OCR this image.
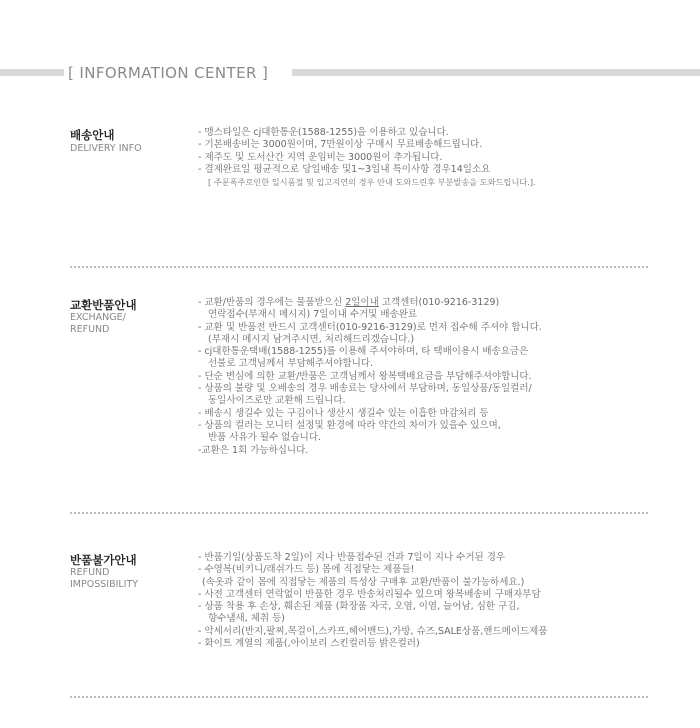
[ INFORMATION CENTER ]
배송안내
DELIVERY INFO
- 맹스타일은 cj대한통운(1588-1255)을 이용하고 있습니다.
- 기본배송비는 3000원이며, 7만원이상 구매시 무료배송해드립니다.
- 제주도 및 도서산간 지역 운임비는 3000원이 추가됩니다.
- 결제완료일 평균적으로 당일배송 및1~3일내 특이사항 경우14일소요
[ 주문폭주로인한 일시품절 및 입고지연의 경우 안내 도와드린후 부분발송을 도와드립니다.].
교환반품안내
EXCHANGE/
REFUND
- 교환/반품의 경우에는 물품받으신 2일이내 고객센터(010-9216-3129)
연락접수(부재시 메시지) 7일이내 수거및 배송완료
- 교환 및 반품전 반드시 고객센터(010-9216-3129)로 먼저 접수해 주셔야 합니다.
(부재시 메시지 남겨주시면, 처리해드리겠습니다.)
- cj대한통운택배(1588-1255)를 이용해 주셔야하며, 타 택배이용시 배송요금은
선불로 고객님께서 부담해주셔야합니다.
- 단순 변심에 의한 교환/반품은 고객님께서 왕복택배요금을 부담해주셔야합니다.
- 상품의 불량 및 오배송의 경우 배송료는 당사에서 부담하며, 동일상품/동일컬러/
동일사이즈로만 교환해 드립니다.
- 배송시 생길수 있는 구김이나 생산시 생길수 있는 이흡한 마감처리 등
- 상품의 컬러는 모니터 설정및 환경에 따라 약간의 차이가 있을수 있으며,
반품 사유가 될수 없습니다.
-교환은 1회 가능하십니다.
반품불가안내
REFUND
IMPOSSIBILITY
- 반품기일(상품도착 2일)이 지나 반품접수된 건과 7일이 지나 수거된 경우
- 수영복(비키니/래쉬가드 등) 몸에 직접닿는 제품들!
(속옷과 같이 몸에 직접닿는 제품의 특성상 구매후 교환/반품이 불가능하세요.)
- 사전 고객센터 연락없이 반품한 경우 반송처리될수 있으며 왕복배송비 구매자부담
- 상품 착용 후 손상, 훼손된 제품 (화장품 자국, 오염, 이염, 늘어남, 심한 구김,
향수냄새, 체취 등)
- 악세서리(반지,팔찌,목걸이,스카프,헤어밴드),가방, 슈즈,SALE상품,핸드메이드제품
- 화이트 계열의 제품(,아이보리 스킨컬러등 밝은컬러)
